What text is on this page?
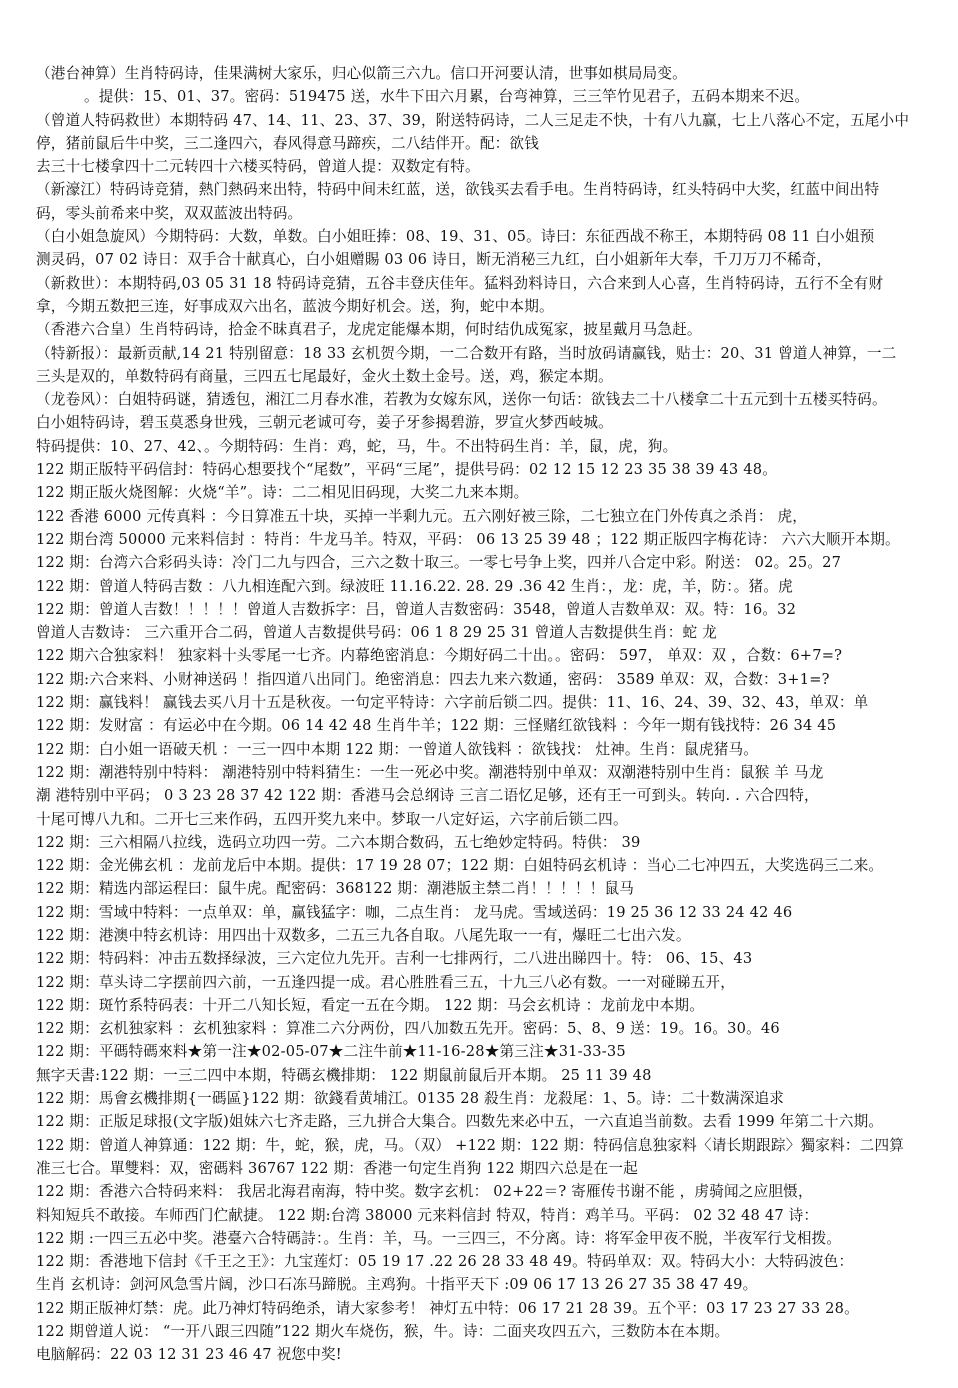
（港台神算）生肖特码诗，佳果满树大家乐，归心似箭三六九。信口开河要认清，世事如棋局局变。
。提供：15、01、37。密码：519475 送，水牛下田六月累，台弯神算，三三竿竹见君子，五码本期来不迟。
（曾道人特码救世）本期特码 47、14、11、23、37、39，附送特码诗，二人三足走不快，十有八九赢，七上八落心不定，五尾小中
停，猪前鼠后牛中奖，三二逢四六，春风得意马蹄疾，二八结伴开。配：欲钱
去三十七楼拿四十二元转四十六楼买特码，曾道人提：双数定有特。
（新濠江）特码诗竞猜，熱门熱码来出特，特码中间未红蓝，送，欲钱买去看手电。生肖特码诗，红头特码中大奖，红蓝中间出特
码，零头前希来中奖，双双蓝波出特码。
（白小姐急旋风）今期特码：大数，单数。白小姐旺捧：08、19、31、05。诗曰：东征西战不称王，本期特码 08 11 白小姐预
测灵码，07 02 诗日：双手合十献真心，白小姐赠賜 03 06 诗日，断无消秘三九红，白小姐新年大奉，千刀万刀不稀奇，
（新救世）：本期特码,03 05 31 18 特码诗竞猜，五谷丰登庆佳年。猛料劲料诗日，六合来到人心喜，生肖特码诗，五行不全有财
拿，今期五数把三连，好事成双六出名，蓝波今期好机会。送，狗，蛇中本期。
（香港六合皇）生肖特码诗，拾金不昧真君子，龙虎定能爆本期，何时结仇成冤家，披星戴月马急赶。
（特新报）：最新贡献,14 21 特别留意：18 33 玄机贺今期，一二合数开有路，当时放码请赢钱，贴士：20、31 曾道人神算，一二
三头是双的，单数特码有商量，三四五七尾最好，金火土数土金号。送，鸡，猴定本期。
（龙卷风）：白姐特码谜，猜透包，湘江二月春水准，若教为女嫁东风，送你一句话：欲钱去二十八楼拿二十五元到十五楼买特码。
白小姐特码诗，碧玉莫悉身世残，三朝元老诚可夸，姜子牙参揭碧游，罗宣火梦西岐城。
特码提供：10、27、42、。今期特码：生肖：鸡，蛇，马，牛。不出特码生肖：羊，鼠，虎，狗。
122 期正版特平码信封：特码心想要找个“尾数”，平码“三尾”，提供号码：02 12 15 12 23 35 38 39 43 48。
122 期正版火烧图解：火烧“羊”。诗：二二相见旧码现，大奖二九来本期。
122 香港 6000 元传真料 ：今日算准五十块，买掉一半剩九元。五六刚好被三除，二七独立在门外传真之杀肖： 虎，
122 期台湾 50000 元来料信封 ：特肖：牛龙马羊。特双，平码： 06 13 25 39 48 ；122 期正版四字梅花诗： 六六大顺开本期。
122 期：台湾六合彩码头诗：冷门二九与四合，三六之数十取三。一零七号争上奖，四并八合定中彩。附送： 02。25。27
122 期：曾道人特码吉数 ：八九相连配六到。绿波旺 11.16.22. 28. 29 .36 42 生肖：，龙：虎，羊，防：。猪。虎
122 期：曾道人吉数！！！！！曾道人吉数拆字：吕，曾道人吉数密码：3548，曾道人吉数单双：双。特：16。32
曾道人吉数诗： 三六重开合二码，曾道人吉数提供号码：06 1 8 29 25 31 曾道人吉数提供生肖：蛇 龙
122 期六合独家料！ 独家料十头零尾一七齐。内幕绝密消息：今期好码二十出。。密码： 597， 单双：双 ，合数：6+7=?
122 期:六合来料、小财神送码 ！指四道八出同门。绝密消息：四去九来六数通，密码： 3589 单双：双，合数：3+1=?
122 期：赢钱料！ 赢钱去买八月十五是秋夜。一句定平特诗：六字前后锁二四。提供：11、16、24、39、32、43，单双：单
122 期：发财富 ：有运必中在今期。06 14 42 48 生肖牛羊；122 期：三怪赌红欲钱料 ：今年一期有钱找特：26 34 45
122 期：白小姐一语破天机 ：一三一四中本期 122 期：一曾道人欲钱料 ：欲钱找： 灶神。生肖：鼠虎猪马。
122 期：潮港特别中特料： 潮港特别中特料猜生：一生一死必中奖。潮港特别中单双：双潮港特别中生肖：鼠猴 羊 马龙
潮 港特别中平码； 0 3 23 28 37 42 122 期：香港马会总纲诗 三言二语忆足够，还有王一可到头。转向. . 六合四特，
十尾可博八九和。二开七三来作码，五四开奖九来中。梦取一八定好运，六字前后锁二四。
122 期：三六相隔八拉线，选码立功四一劳。二六本期合数码，五七绝妙定特码。特供： 39
122 期：金光佛玄机 ：龙前龙后中本期。提供：17 19 28 07；122 期：白姐特码玄机诗 ：当心二七冲四五，大奖选码三二来。
122 期：精选内部运程曰：鼠牛虎。配密码：368122 期：潮港版主禁二肖！！！！！鼠马
122 期：雪域中特料：一点单双：单，赢钱猛字：咖，二点生肖： 龙马虎。雪域送码：19 25 36 12 33 24 42 46
122 期：港澳中特玄机诗：用四出十双数多，二五三九各自取。八尾先取一一有，爆旺二七出六发。
122 期：特码料：冲击五数择绿波，三六定位九先开。吉利一七排两行，二八进出睇四十。特： 06、15、43
122 期：草头诗二字摆前四六前，一五逢四提一成。君心胜胜看三五，十九三八必有数。一一对碰睇五开，
122 期：斑竹系特码表：十开二八知长短，看定一五在今期。 122 期：马会玄机诗 ：龙前龙中本期。
122 期：玄机独家料 ：玄机独家料 ：算准二六分两份，四八加数五先开。密码：5、8、9 送：19。16。30。46
122 期：平碼特碼來料★第一注★02-05-07★二注牛前★11-16-28★第三注★31-33-35
無字天書:122 期：一三二四中本期，特碼玄機排期： 122 期鼠前鼠后开本期。 25 11 39 48
122 期：馬會玄機排期{一碼區}122 期：欲錢看黄埔江。0135 28 殺生肖：龙殺尾：1、5。诗：二十数满深追求
122 期：正版足球报(文字版)姐妹六七齐走路，三九拼合大集合。四数先来必中五，一六直追当前数。去看 1999 年第二十六期。
122 期：曾道人神算通：122 期：牛，蛇，猴，虎，马。（双） +122 期：122 期：特码信息独家料〈请长期跟踪〉獨家料：二四算
准三七合。單雙料：双，密碼料 36767 122 期：香港一句定生肖狗 122 期四六总是在一起
122 期：香港六合特码来料： 我居北海君南海，特中奖。数字玄机： 02+22＝? 寄雁传书谢不能 ，虏骑闻之应胆慑，
料知短兵不敢接。车师西门伫献捷。 122 期:台湾 38000 元来料信封 特双，特肖：鸡羊马。平码： 02 32 48 47 诗：
122 期 :一四三五必中奖。港臺六合特碼詩：。生肖：羊，马。一三四三，不分离。诗：将军金甲夜不脱，半夜军行戈相拨。
122 期：香港地下信封《千王之王》：九宝莲灯：05 19 17 .22 26 28 33 48 49。特码单双：双。特码大小：大特码波色：
生肖 玄机诗：剑河风急雪片阔，沙口石冻马蹄脱。主鸡狗。十指平天下 :09 06 17 13 26 27 35 38 47 49。
122 期正版神灯禁：虎。此乃神灯特码绝杀，请大家参考！ 神灯五中特：06 17 21 28 39。五个平：03 17 23 27 33 28。
122 期曾道人说： “一开八跟三四随”122 期火车烧伤，猴，牛。诗：二面夹攻四五六，三数防本在本期。
电脑解码：22 03 12 31 23 46 47 祝您中奖!
